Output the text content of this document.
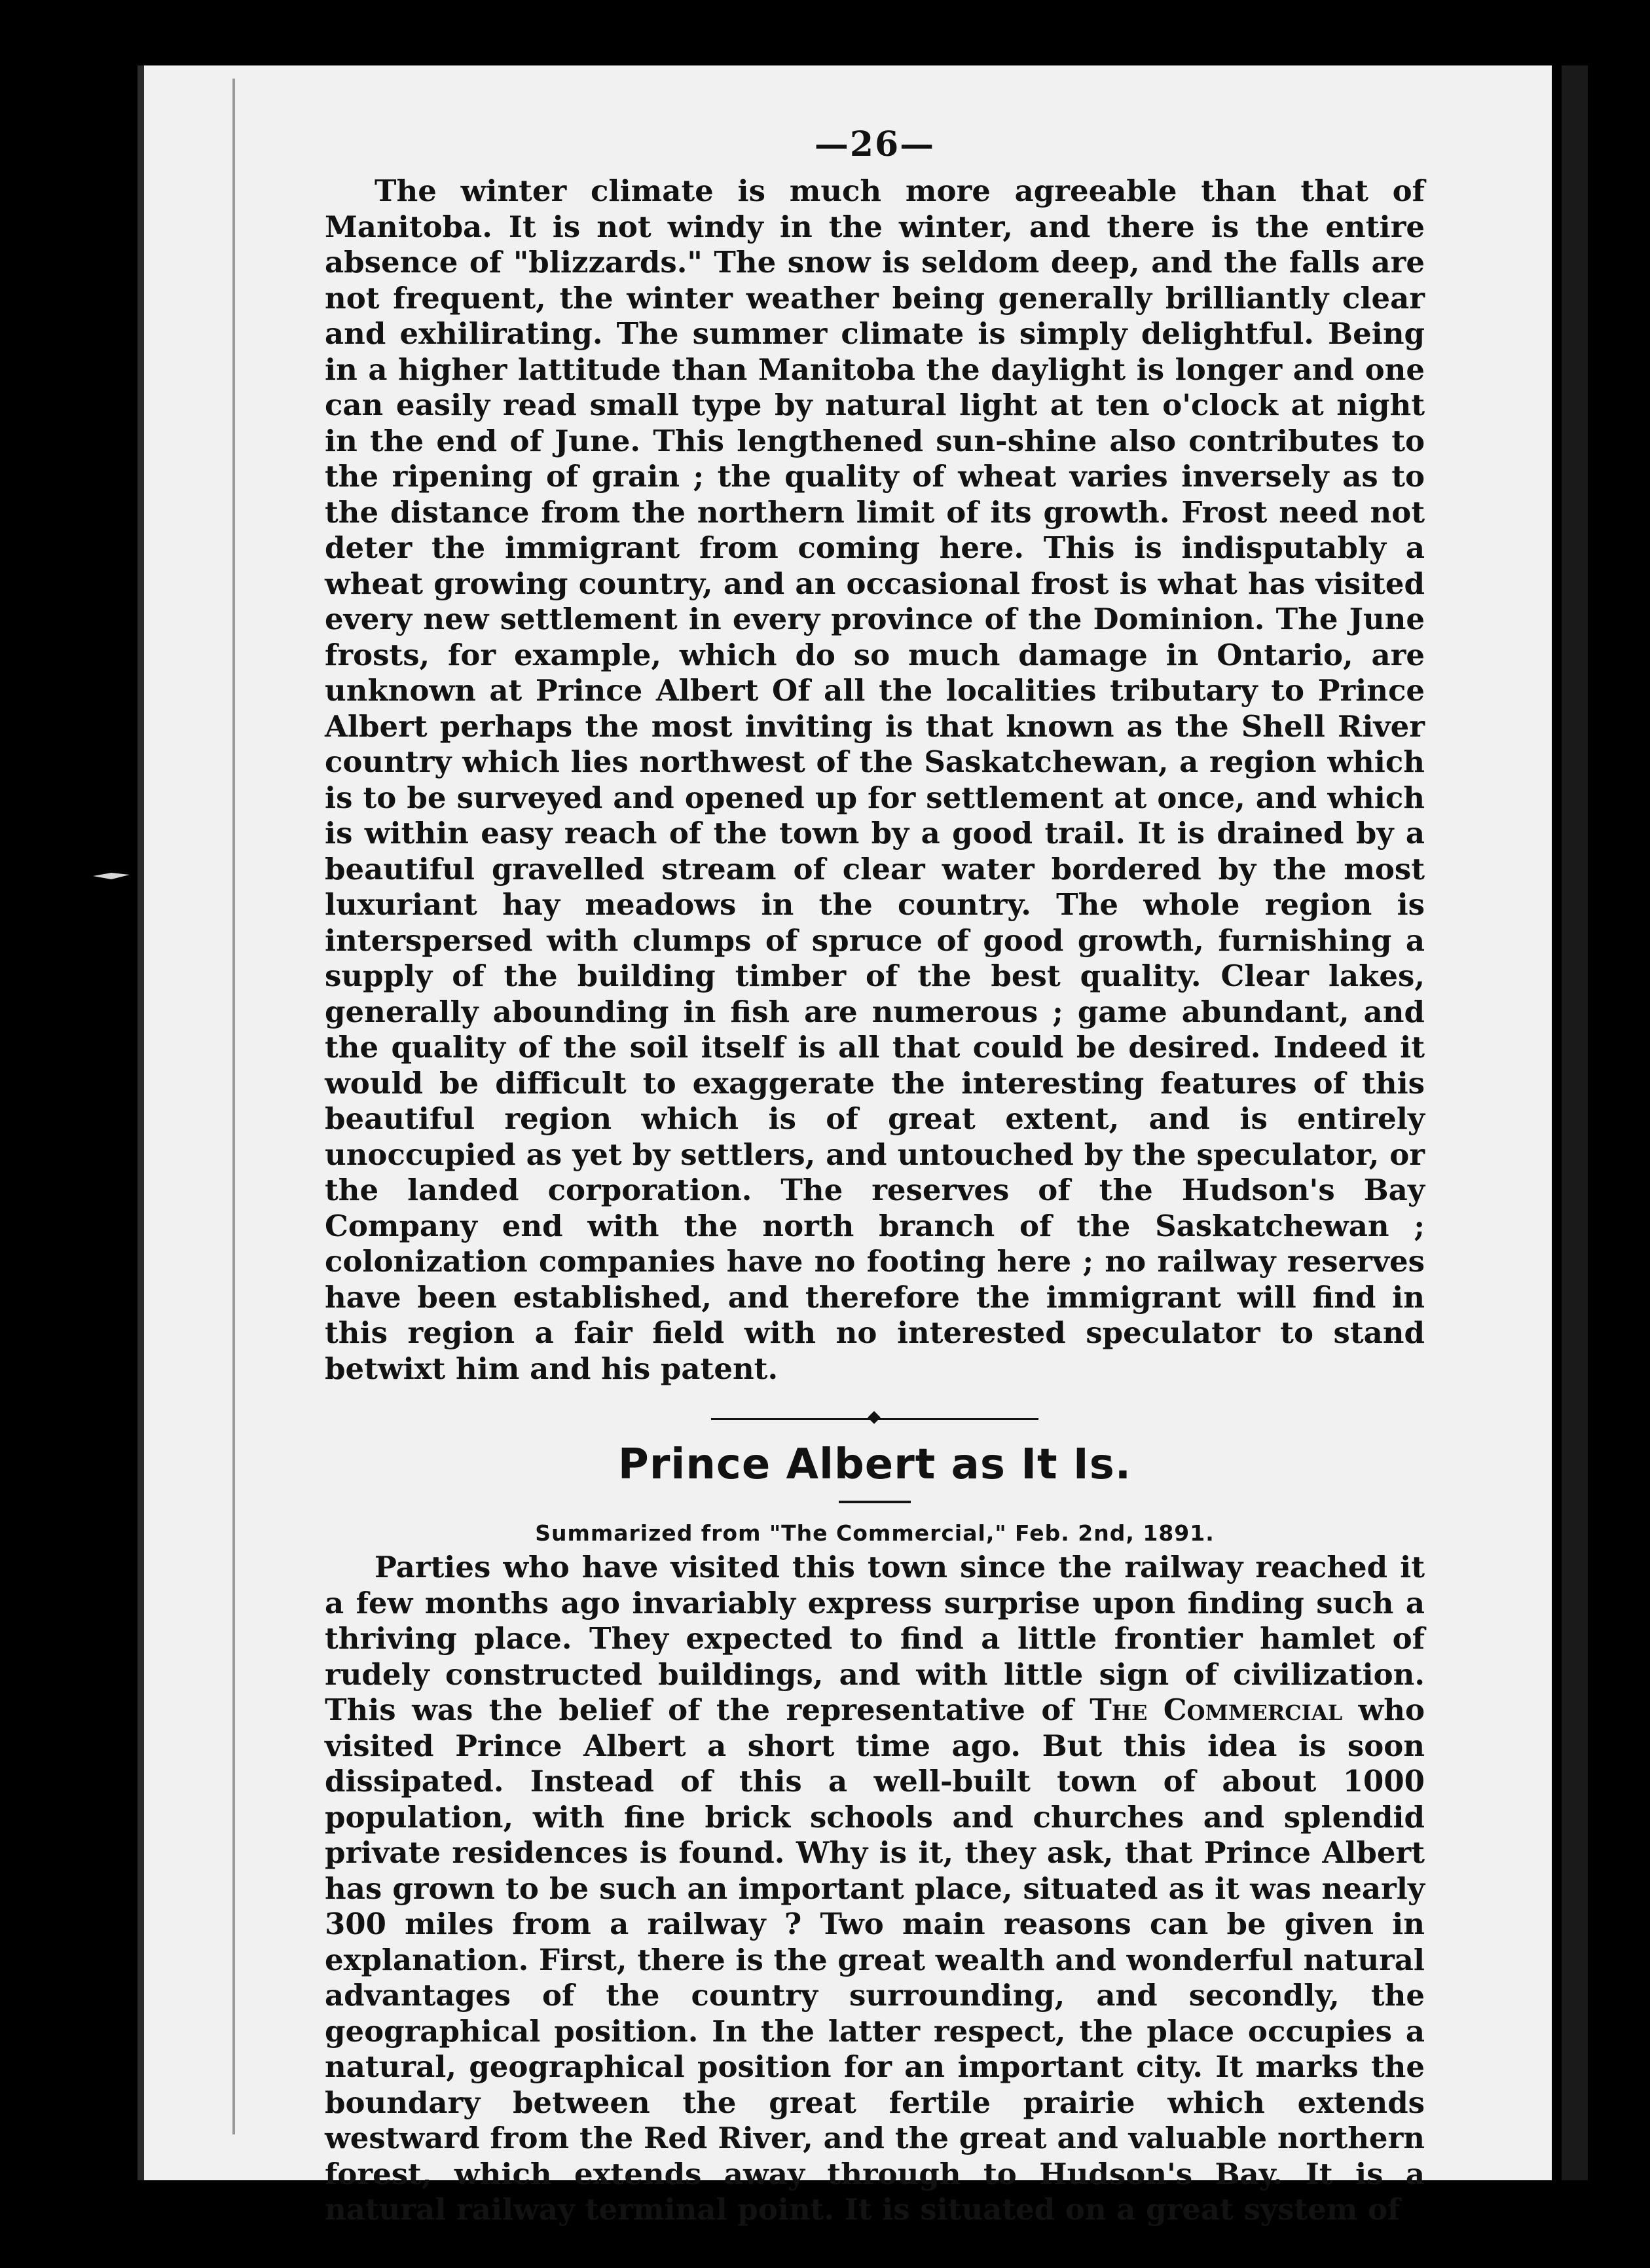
—26—

The winter climate is much more agreeable than that of Manitoba. It is not windy in the winter, and there is the entire absence of "blizzards." The snow is seldom deep, and the falls are not frequent, the winter weather being generally brilliantly clear and exhilirating. The summer climate is simply delightful. Being in a higher lattitude than Manitoba the daylight is longer and one can easily read small type by natural light at ten o'clock at night in the end of June. This lengthened sun-shine also contributes to the ripening of grain ; the quality of wheat varies inversely as to the distance from the northern limit of its growth. Frost need not deter the immigrant from coming here. This is indisputably a wheat growing country, and an occasional frost is what has visited every new settlement in every province of the Dominion. The June frosts, for example, which do so much damage in Ontario, are unknown at Prince Albert Of all the localities tributary to Prince Albert perhaps the most inviting is that known as the Shell River country which lies northwest of the Saskatchewan, a region which is to be surveyed and opened up for settlement at once, and which is within easy reach of the town by a good trail. It is drained by a beautiful gravelled stream of clear water bordered by the most luxuriant hay meadows in the country. The whole region is interspersed with clumps of spruce of good growth, furnishing a supply of the building timber of the best quality. Clear lakes, generally abounding in fish are numerous ; game abundant, and the quality of the soil itself is all that could be desired. Indeed it would be difficult to exaggerate the interesting features of this beautiful region which is of great extent, and is entirely unoccupied as yet by settlers, and untouched by the speculator, or the landed corporation. The reserves of the Hudson's Bay Company end with the north branch of the Saskatchewan ; colonization companies have no footing here ; no railway reserves have been established, and therefore the immigrant will find in this region a fair field with no interested speculator to stand betwixt him and his patent.

Prince Albert as It Is.
Summarized from "The Commercial," Feb. 2nd, 1891.

Parties who have visited this town since the railway reached it a few months ago invariably express surprise upon finding such a thriving place. They expected to find a little frontier hamlet of rudely constructed buildings, and with little sign of civilization. This was the belief of the representative of The Commercial who visited Prince Albert a short time ago. But this idea is soon dissipated. Instead of this a well-built town of about 1000 population, with fine brick schools and churches and splendid private residences is found. Why is it, they ask, that Prince Albert has grown to be such an important place, situated as it was nearly 300 miles from a railway ? Two main reasons can be given in explanation. First, there is the great wealth and wonderful natural advantages of the country surrounding, and secondly, the geographical position. In the latter respect, the place occupies a natural, geographical position for an important city. It marks the boundary between the great fertile prairie which extends westward from the Red River, and the great and valuable northern forest, which extends away through to Hudson's Bay. It is a natural railway terminal point. It is situated on a great system of
